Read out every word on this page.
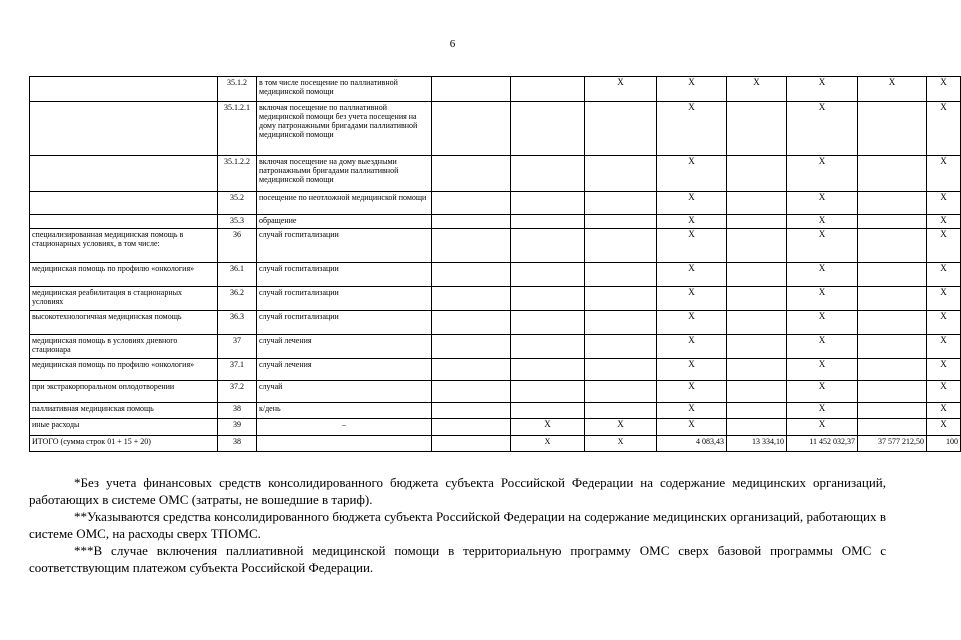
6
	35.1.2	в том числе посещение по паллиативной медицинской помощи			Х	Х	Х	Х	Х	Х
	35.1.2.1	включая посещение по паллиативной медицинской помощи без учета посещения на дому патронажными бригадами паллиативной медицинской помощи				Х		Х		Х
	35.1.2.2	включая посещение на дому выездными патронажными бригадами паллиативной медицинской помощи				Х		Х		Х
	35.2	посещение по неотложной медицинской помощи				Х		Х		Х
	35.3	обращение				Х		Х		Х
специализированная медицинская помощь в стационарных условиях, в том числе:	36	случай госпитализации				Х		Х		Х
медицинская помощь по профилю «онкология»	36.1	случай госпитализации				Х		Х		Х
медицинская реабилитация в стационарных условиях	36.2	случай госпитализации				Х		Х		Х
высокотехнологичная медицинская помощь	36.3	случай госпитализации				Х		Х		Х
медицинская помощь в условиях дневного стационара	37	случай лечения				Х		Х		Х
медицинская помощь по профилю «онкология»	37.1	случай лечения				Х		Х		Х
при экстракорпоральном оплодотворении	37.2	случай				Х		Х		Х
паллиативная медицинская помощь	38	к/день				Х		Х		Х
иные расходы	39	–		Х	Х	Х		Х		Х
ИТОГО (сумма строк 01 + 15 + 20)	38			Х	Х	4 083,43	13 334,10	11 452 032,37	37 577 212,50	100

*Без учета финансовых средств консолидированного бюджета субъекта Российской Федерации на содержание медицинских организаций, работающих в системе ОМС (затраты, не вошедшие в тариф).

**Указываются средства консолидированного бюджета субъекта Российской Федерации на содержание медицинских организаций, работающих в системе ОМС, на расходы сверх ТПОМС.

***В случае включения паллиативной медицинской помощи в территориальную программу ОМС сверх базовой программы ОМС с соответствующим платежом субъекта Российской Федерации.
